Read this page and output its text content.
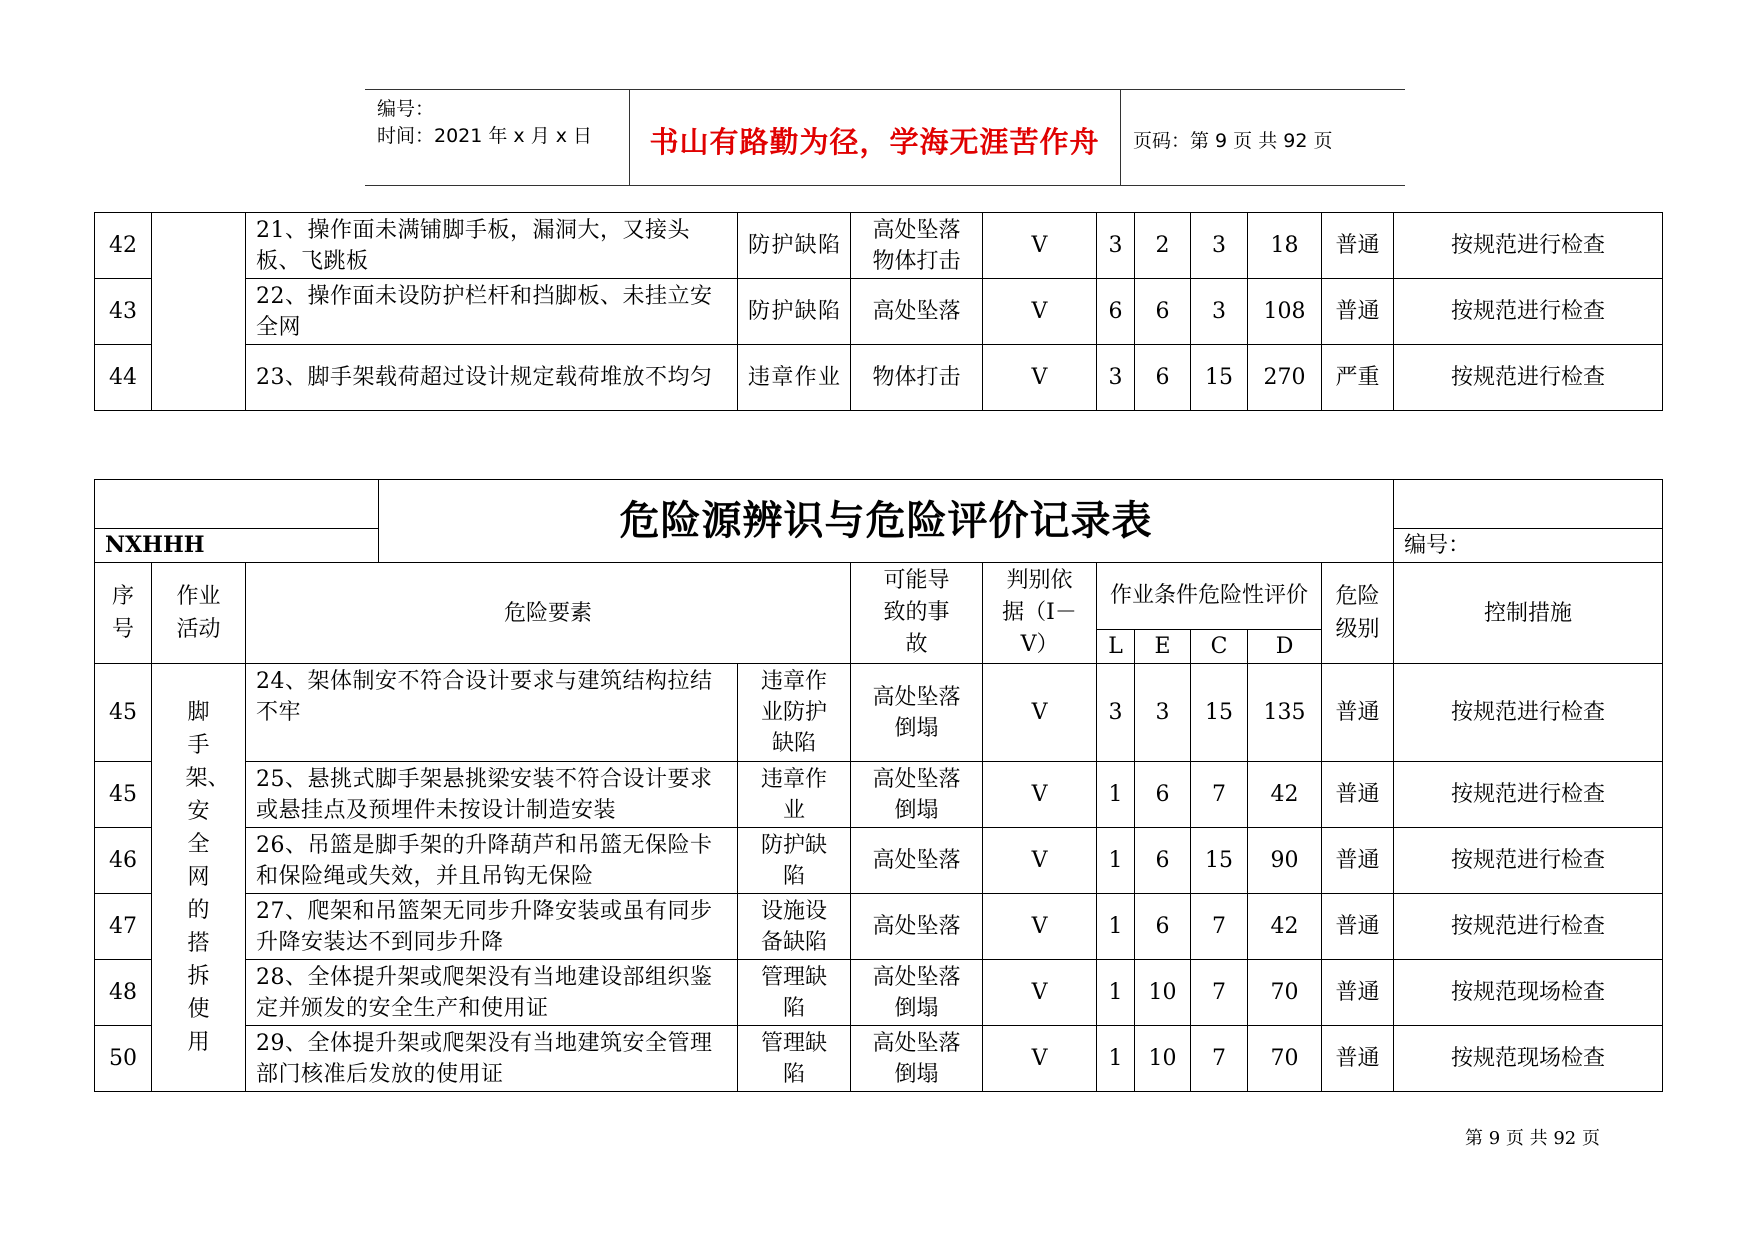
编号：
时间：2021 年 x 月 x 日	书山有路勤为径，学海无涯苦作舟	页码：第 9 页 共 92 页
42		21、操作面未满铺脚手板，漏洞大，又接头板、飞跳板	防护缺陷	高处坠落物体打击	V	3	2	3	18	普通	按规范进行检查
43		22、操作面未设防护栏杆和挡脚板、未挂立安全网	防护缺陷	高处坠落	V	6	6	3	108	普通	按规范进行检查
44		23、脚手架载荷超过设计规定载荷堆放不均匀	违章作业	物体打击	V	3	6	15	270	严重	按规范进行检查
			危险源辨识与危险评价记录表									
NXHHH												编号：

序号	作业活动	危险要素			可能导致的事故	判别依据（I－V）	作业条件危险性评价				危险级别	控制措施
							L	E	C	D		
45	脚手架、安全网的搭拆使用	24、架体制安不符合设计要求与建筑结构拉结不牢		违章作业防护缺陷	高处坠落倒塌	V	3	3	15	135	普通	按规范进行检查
45		25、悬挑式脚手架悬挑梁安装不符合设计要求或悬挂点及预埋件未按设计制造安装		违章作业	高处坠落倒塌	V	1	6	7	42	普通	按规范进行检查
46		26、吊篮是脚手架的升降葫芦和吊篮无保险卡和保险绳或失效，并且吊钩无保险		防护缺陷	高处坠落	V	1	6	15	90	普通	按规范进行检查
47		27、爬架和吊篮架无同步升降安装或虽有同步升降安装达不到同步升降		设施设备缺陷	高处坠落	V	1	6	7	42	普通	按规范进行检查
48		28、全体提升架或爬架没有当地建设部组织鉴定并颁发的安全生产和使用证		管理缺陷	高处坠落倒塌	V	1	10	7	70	普通	按规范现场检查
50		29、全体提升架或爬架没有当地建筑安全管理部门核准后发放的使用证		管理缺陷	高处坠落倒塌	V	1	10	7	70	普通	按规范现场检查
第 9 页 共 92 页
